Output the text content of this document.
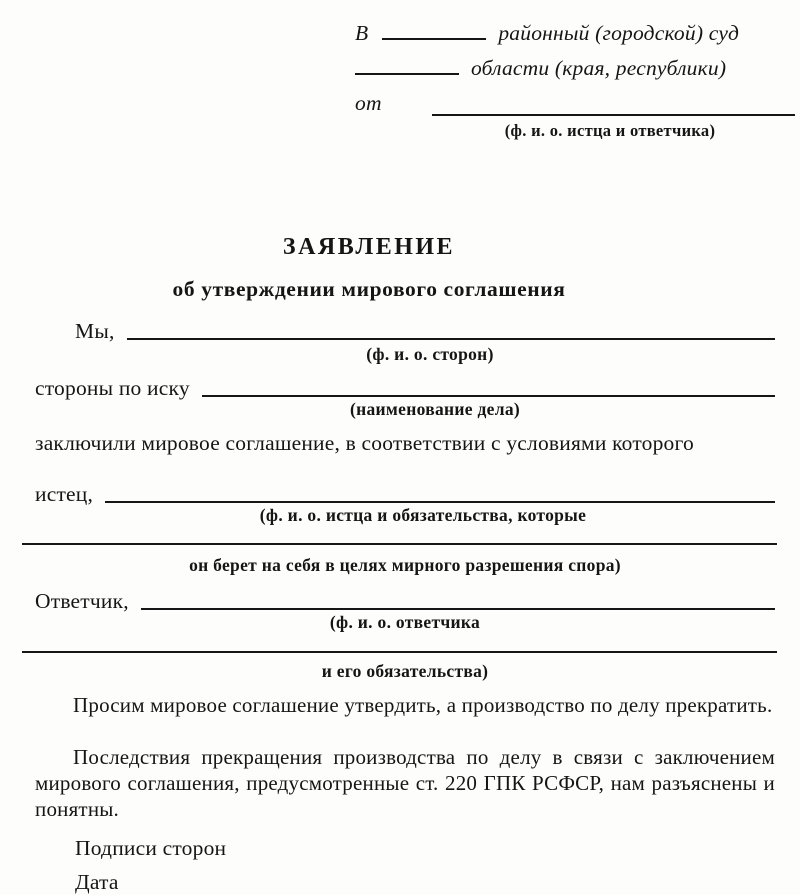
В	районный (городской) суд
области (края, республики)
от
(ф. и. о. истца и ответчика)
ЗАЯВЛЕНИЕ
об утверждении мирового соглашения
Мы,
(ф. и. о. сторон)
стороны по иску
(наименование дела)
заключили мировое соглашение, в соответствии с условиями которого
истец,
(ф. и. о. истца и обязательства, которые
он берет на себя в целях мирного разрешения спора)
Ответчик,
(ф. и. о. ответчика
и его обязательства)

Просим мировое соглашение утвердить, а производство по делу прекратить.

Последствия прекращения производства по делу в связи с заключением мирового соглашения, предусмотренные ст. 220 ГПК РСФСР, нам разъяснены и понятны.

Подписи сторон
Дата
